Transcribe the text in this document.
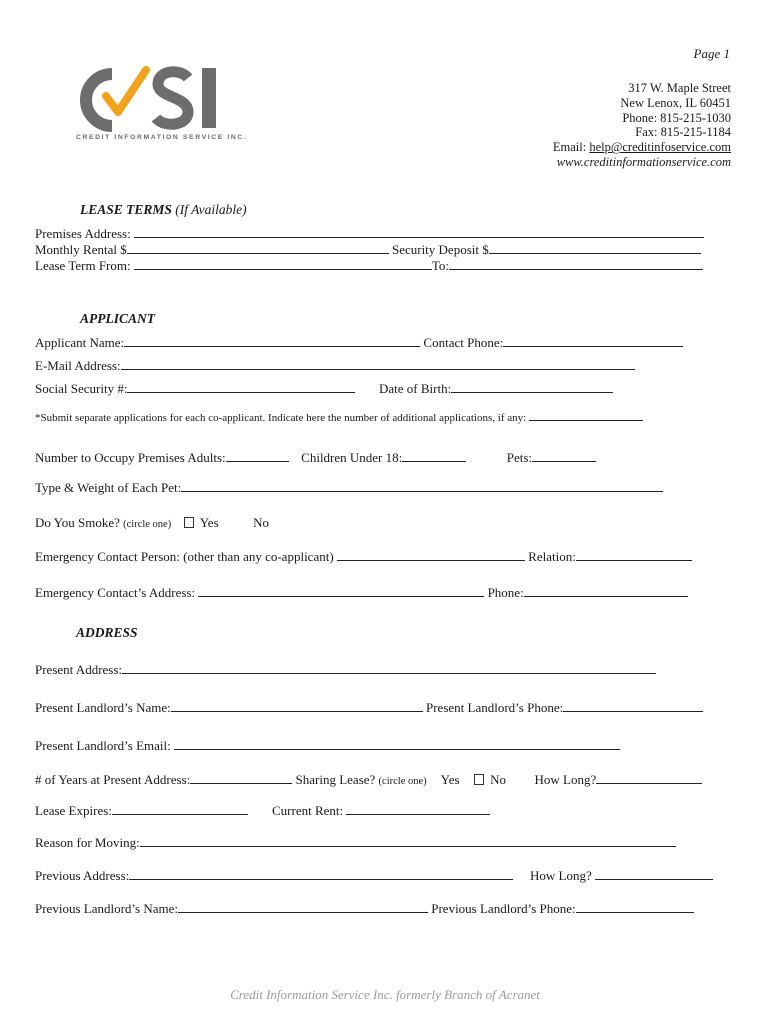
Page 1
CREDIT INFORMATION SERVICE INC.
317 W. Maple Street
New Lenox, IL 60451
Phone: 815-215-1030
Fax: 815-215-1184
Email: help@creditinfoservice.com
www.creditinformationservice.com
LEASE TERMS (If Available)
Premises Address:
Monthly Rental $	Security Deposit $
Lease Term From:	To:
APPLICANT
Applicant Name:	Contact Phone:
E-Mail Address:
Social Security #:	Date of Birth:
*Submit separate applications for each co-applicant. Indicate here the number of additional applications, if any:
Number to Occupy Premises Adults:	Children Under 18:	Pets:
Type & Weight of Each Pet:
Do You Smoke? (circle one) Yes	No
Emergency Contact Person: (other than any co-applicant)	Relation:
Emergency Contact’s Address:	Phone:
ADDRESS
Present Address:
Present Landlord’s Name:	Present Landlord’s Phone:
Present Landlord’s Email:
# of Years at Present Address:	Sharing Lease? (circle one) Yes No How Long?
Lease Expires:	Current Rent:
Reason for Moving:
Previous Address:	How Long?
Previous Landlord’s Name:	Previous Landlord’s Phone:
Credit Information Service Inc. formerly Branch of Acranet
